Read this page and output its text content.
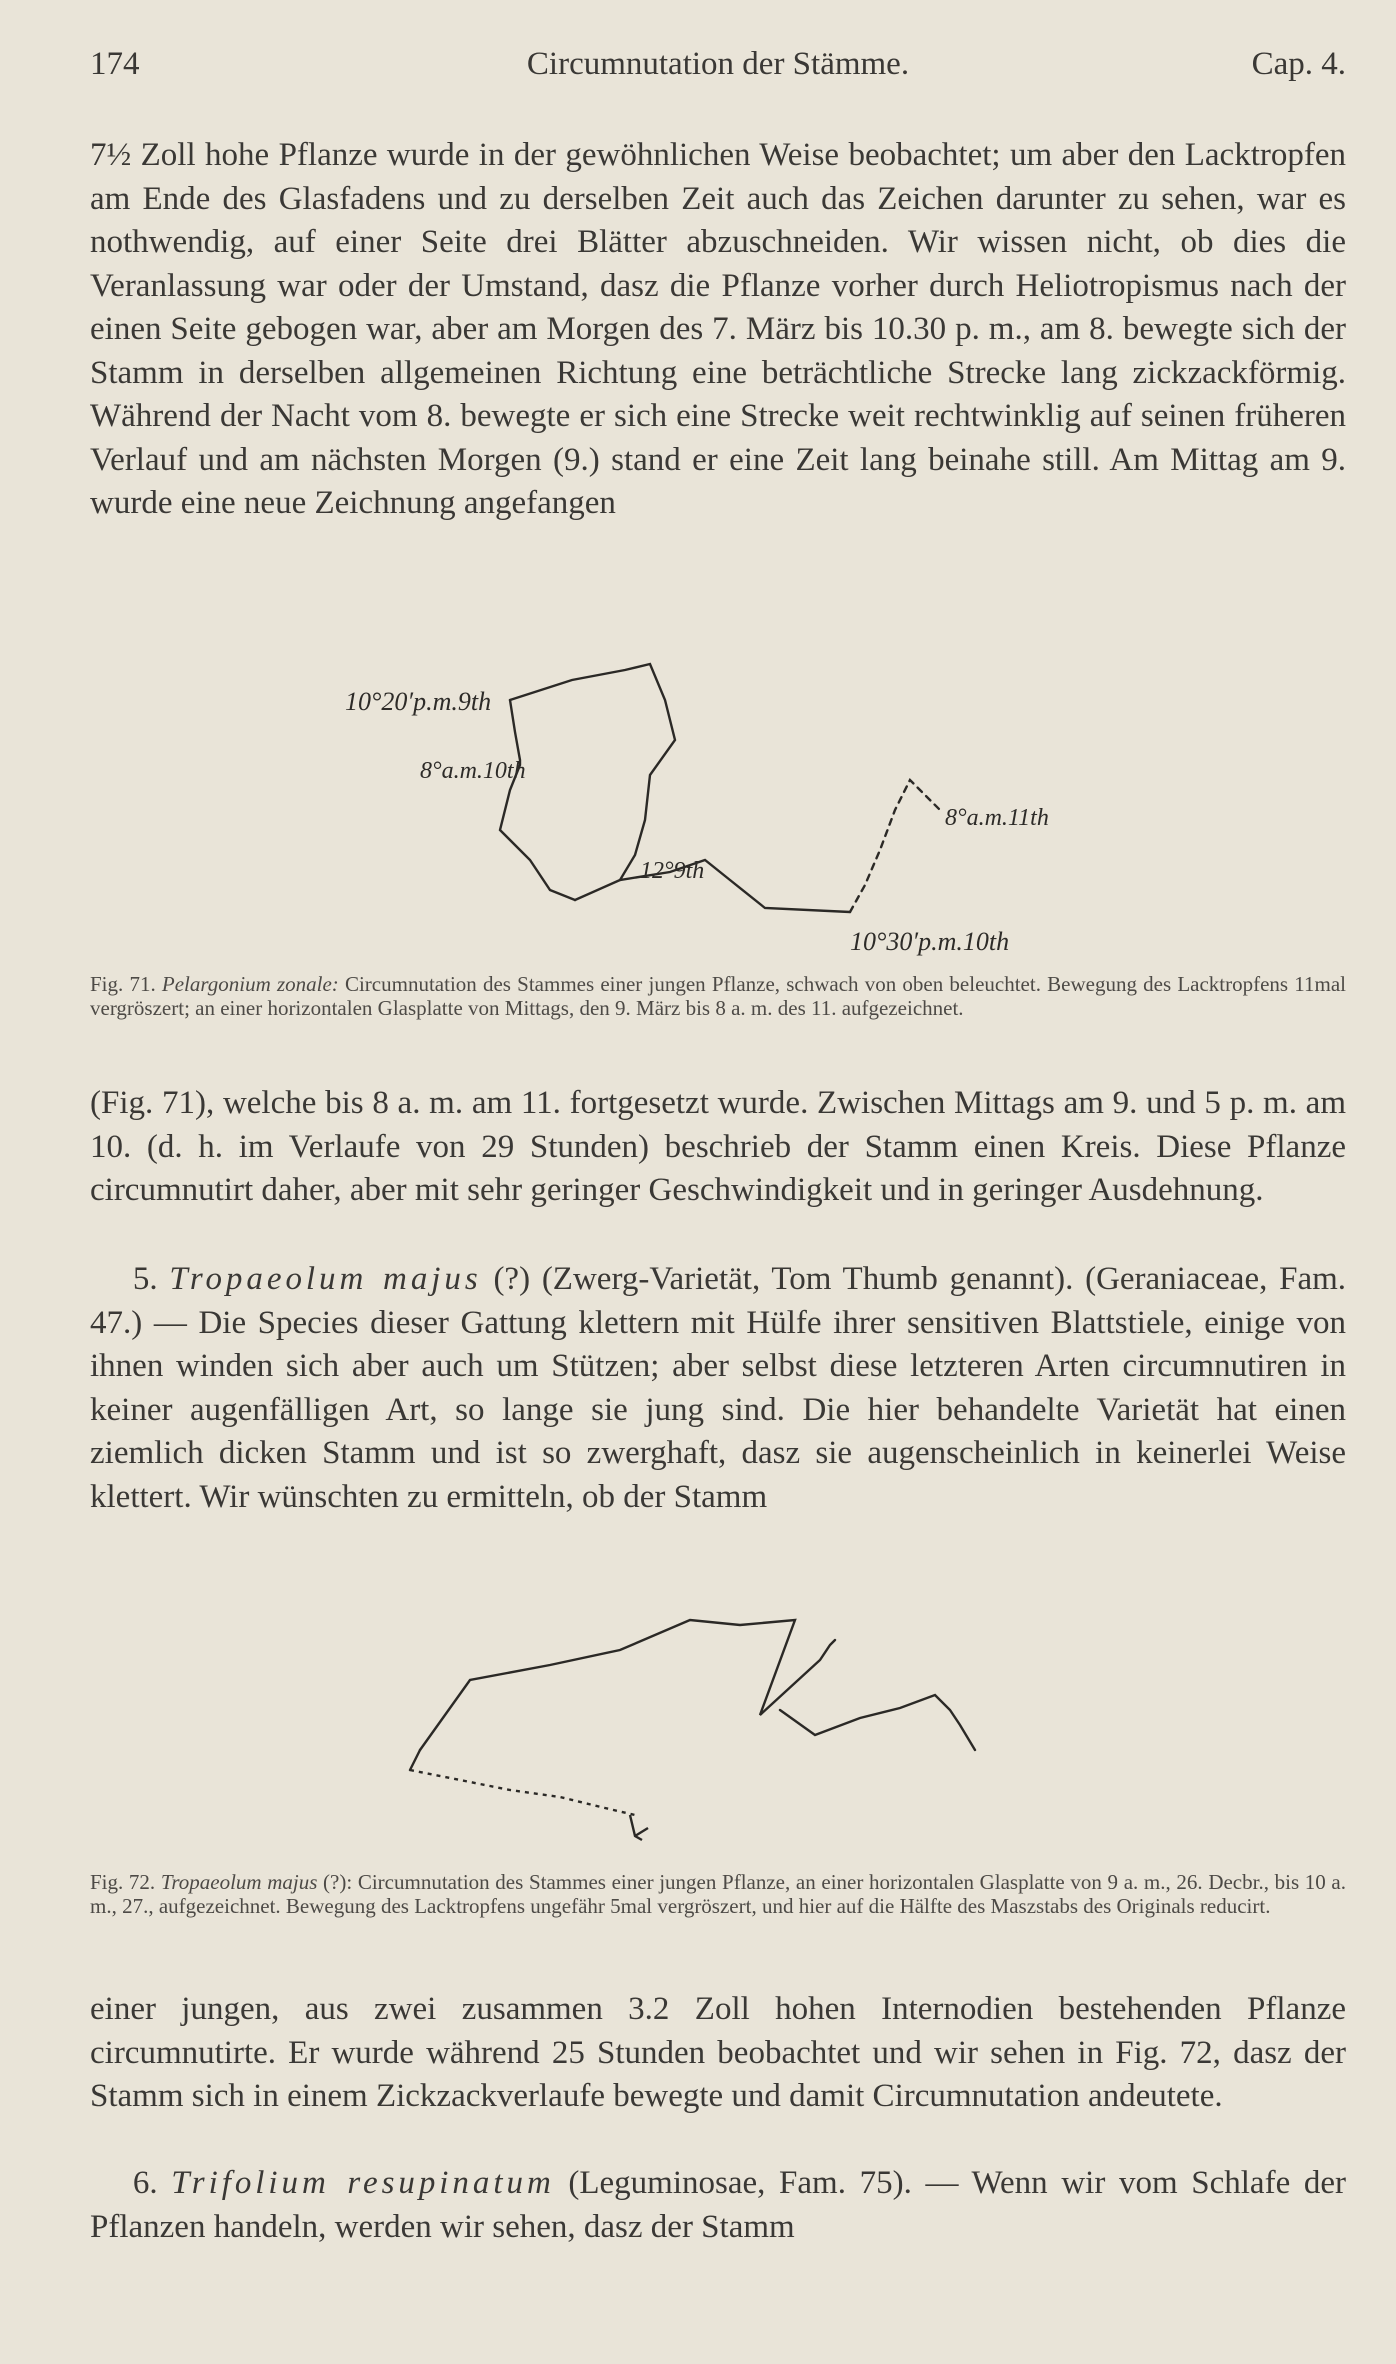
174	Circumnutation der Stämme.	Cap. 4.

7½ Zoll hohe Pflanze wurde in der gewöhnlichen Weise beobachtet; um aber den Lacktropfen am Ende des Glasfadens und zu derselben Zeit auch das Zeichen darunter zu sehen, war es nothwendig, auf einer Seite drei Blätter abzuschneiden. Wir wissen nicht, ob dies die Veranlassung war oder der Umstand, dasz die Pflanze vorher durch Heliotropismus nach der einen Seite gebogen war, aber am Morgen des 7. März bis 10.30 p. m., am 8. bewegte sich der Stamm in derselben allgemeinen Richtung eine beträchtliche Strecke lang zickzackförmig. Während der Nacht vom 8. bewegte er sich eine Strecke weit rechtwinklig auf seinen früheren Verlauf und am nächsten Morgen (9.) stand er eine Zeit lang beinahe still. Am Mittag am 9. wurde eine neue Zeichnung angefangen

10°20′p.m.9th
8°a.m.10th
12°9th
8°a.m.11th
10°30′p.m.10th
Fig. 71. Pelargonium zonale: Circumnutation des Stammes einer jungen Pflanze, schwach von oben beleuchtet. Bewegung des Lacktropfens 11mal vergröszert; an einer horizontalen Glasplatte von Mittags, den 9. März bis 8 a. m. des 11. aufgezeichnet.

(Fig. 71), welche bis 8 a. m. am 11. fortgesetzt wurde. Zwischen Mittags am 9. und 5 p. m. am 10. (d. h. im Verlaufe von 29 Stunden) beschrieb der Stamm einen Kreis. Diese Pflanze circumnutirt daher, aber mit sehr geringer Geschwindigkeit und in geringer Ausdehnung.

5. Tropaeolum majus (?) (Zwerg-Varietät, Tom Thumb genannt). (Geraniaceae, Fam. 47.) — Die Species dieser Gattung klettern mit Hülfe ihrer sensitiven Blattstiele, einige von ihnen winden sich aber auch um Stützen; aber selbst diese letzteren Arten circumnutiren in keiner augenfälligen Art, so lange sie jung sind. Die hier behandelte Varietät hat einen ziemlich dicken Stamm und ist so zwerghaft, dasz sie augenscheinlich in keinerlei Weise klettert. Wir wünschten zu ermitteln, ob der Stamm

Fig. 72. Tropaeolum majus (?): Circumnutation des Stammes einer jungen Pflanze, an einer horizontalen Glasplatte von 9 a. m., 26. Decbr., bis 10 a. m., 27., aufgezeichnet. Bewegung des Lacktropfens ungefähr 5mal vergröszert, und hier auf die Hälfte des Maszstabs des Originals reducirt.

einer jungen, aus zwei zusammen 3.2 Zoll hohen Internodien bestehenden Pflanze circumnutirte. Er wurde während 25 Stunden beobachtet und wir sehen in Fig. 72, dasz der Stamm sich in einem Zickzackverlaufe bewegte und damit Circumnutation andeutete.

6. Trifolium resupinatum (Leguminosae, Fam. 75). — Wenn wir vom Schlafe der Pflanzen handeln, werden wir sehen, dasz der Stamm
